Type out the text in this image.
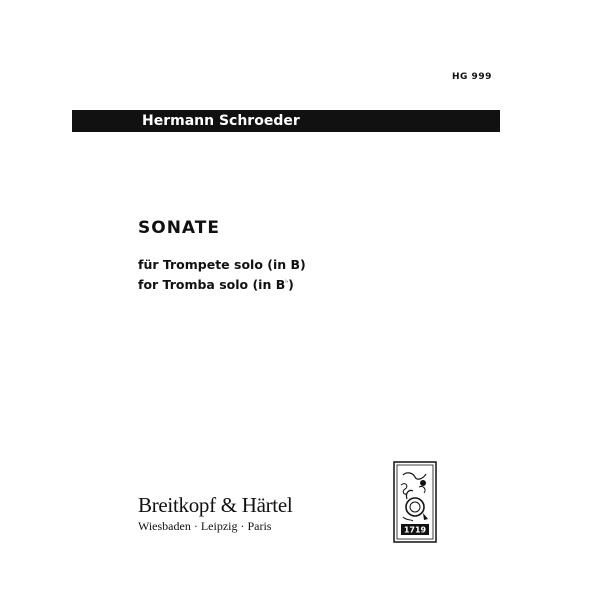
HG 999
Hermann Schroeder
SONATE
für Trompete solo (in B)
for Tromba solo (in B♭)
Breitkopf & Härtel
Wiesbaden · Leipzig · Paris	1719
